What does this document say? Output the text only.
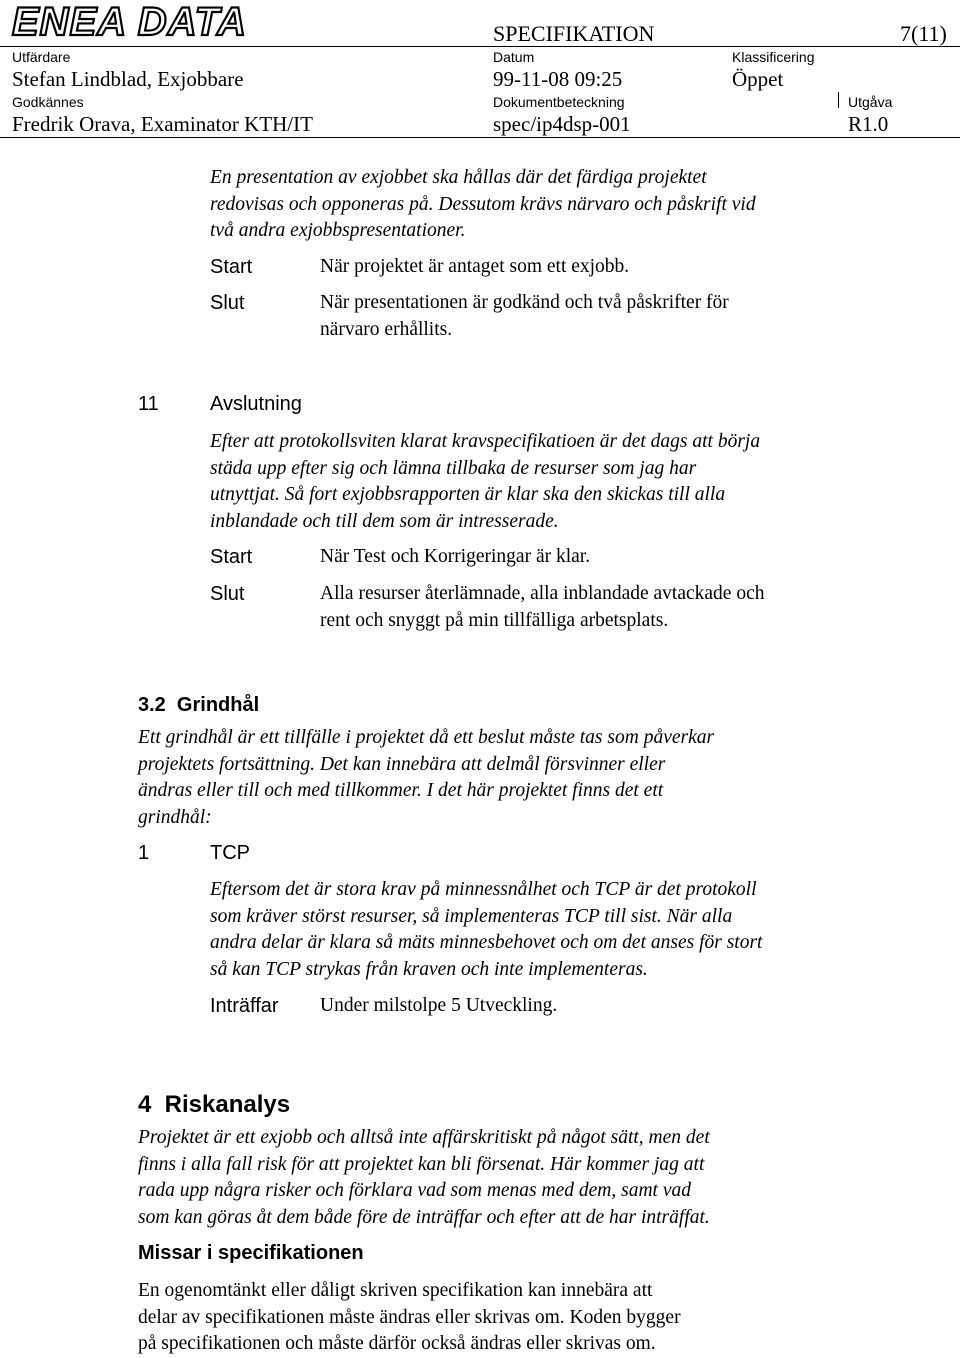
ENEA DATA	SPECIFIKATION	7(11)
Utfärdare
Stefan Lindblad, Exjobbare
Datum
99-11-08 09:25
Klassificering
Öppet
Godkännes
Fredrik Orava, Examinator KTH/IT
Dokumentbeteckning
spec/ip4dsp-001
Utgåva
R1.0
En presentation av exjobbet ska hållas där det färdiga projektet
redovisas och opponeras på. Dessutom krävs närvaro och påskrift vid
två andra exjobbspresentationer.
Start	När projektet är antaget som ett exjobb.
Slut	När presentationen är godkänd och två påskrifter för
närvaro erhållits.
11	Avslutning
Efter att protokollsviten klarat kravspecifikatioen är det dags att börja
städa upp efter sig och lämna tillbaka de resurser som jag har
utnyttjat. Så fort exjobbsrapporten är klar ska den skickas till alla
inblandade och till dem som är intresserade.
Start	När Test och Korrigeringar är klar.
Slut	Alla resurser återlämnade, alla inblandade avtackade och
rent och snyggt på min tillfälliga arbetsplats.
3.2  Grindhål
Ett grindhål är ett tillfälle i projektet då ett beslut måste tas som påverkar
projektets fortsättning. Det kan innebära att delmål försvinner eller
ändras eller till och med tillkommer. I det här projektet finns det ett
grindhål:
1	TCP
Eftersom det är stora krav på minnessnålhet och TCP är det protokoll
som kräver störst resurser, så implementeras TCP till sist. När alla
andra delar är klara så mäts minnesbehovet och om det anses för stort
så kan TCP strykas från kraven och inte implementeras.
Inträffar Under milstolpe 5 Utveckling.
4  Riskanalys
Projektet är ett exjobb och alltså inte affärskritiskt på något sätt, men det
finns i alla fall risk för att projektet kan bli försenat. Här kommer jag att
rada upp några risker och förklara vad som menas med dem, samt vad
som kan göras åt dem både före de inträffar och efter att de har inträffat.
Missar i specifikationen
En ogenomtänkt eller dåligt skriven specifikation kan innebära att
delar av specifikationen måste ändras eller skrivas om. Koden bygger
på specifikationen och måste därför också ändras eller skrivas om.
